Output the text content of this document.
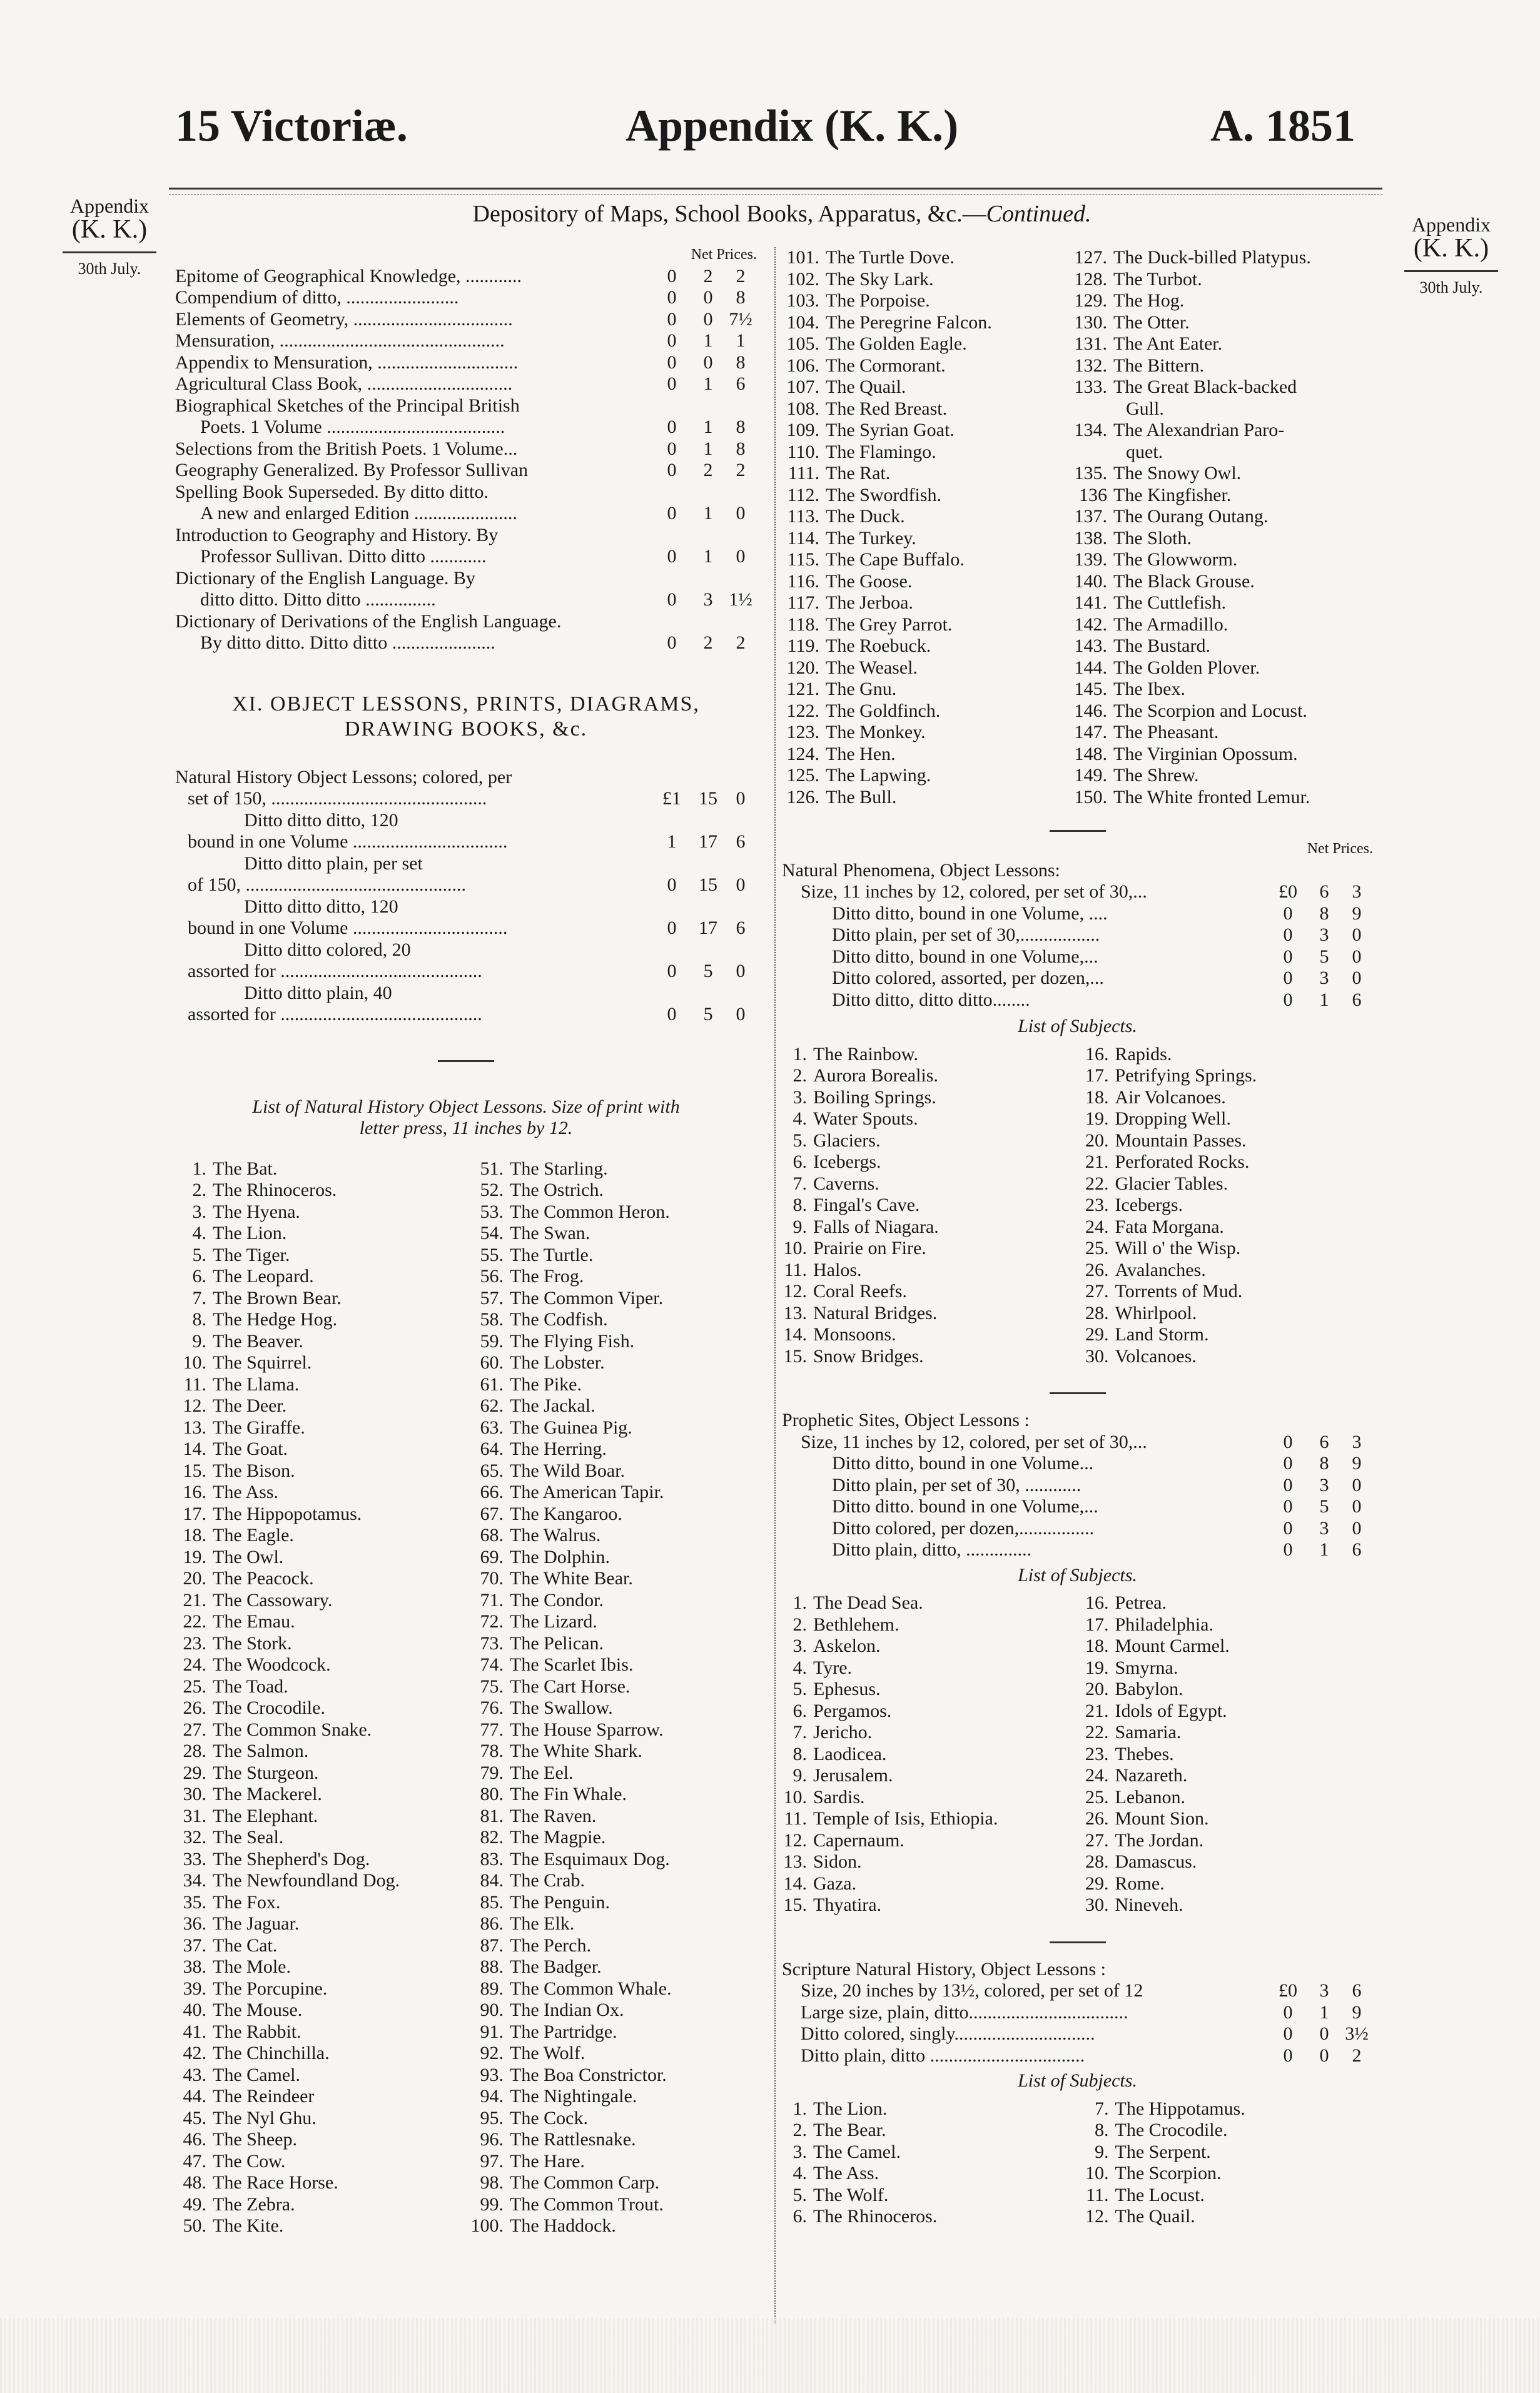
15 Victoriæ.	Appendix (K. K.)	A. 1851
Appendix
(K. K.)
30th July.
Appendix
(K. K.)
30th July.
Depository of Maps, School Books, Apparatus, &c.—Continued.
Net Prices.
Epitome of Geographical Knowledge, ............	0 2 2
Compendium of ditto, ........................	0 0 8
Elements of Geometry, ..................................	0 0 7½
Mensuration, ................................................	0 1 1
Appendix to Mensuration, ..............................	0 0 8
Agricultural Class Book, ...............................	0 1 6
Biographical Sketches of the Principal British
Poets. 1 Volume ......................................	0 1 8
Selections from the British Poets. 1 Volume...	0 1 8
Geography Generalized. By Professor Sullivan	0 2 2
Spelling Book Superseded. By ditto ditto.
A new and enlarged Edition ......................	0 1 0
Introduction to Geography and History. By
Professor Sullivan. Ditto ditto ............	0 1 0
Dictionary of the English Language. By
ditto ditto. Ditto ditto ...............	0 3 1½
Dictionary of Derivations of the English Language.
By ditto ditto. Ditto ditto ......................	0 2 2
XI. OBJECT LESSONS, PRINTS, DIAGRAMS,
DRAWING BOOKS, &c.
Natural History Object Lessons; colored, per
set of 150, ..............................................	£1 15 0
Ditto ditto ditto, 120
bound in one Volume .................................	1 17 6
Ditto ditto plain, per set
of 150, ...............................................	0 15 0
Ditto ditto ditto, 120
bound in one Volume .................................	0 17 6
Ditto ditto colored, 20
assorted for ...........................................	0 5 0
Ditto ditto plain, 40
assorted for ...........................................	0 5 0
List of Natural History Object Lessons. Size of print with
letter press, 11 inches by 12.
1. The Bat.
2. The Rhinoceros.
3. The Hyena.
4. The Lion.
5. The Tiger.
6. The Leopard.
7. The Brown Bear.
8. The Hedge Hog.
9. The Beaver.
10. The Squirrel.
11. The Llama.
12. The Deer.
13. The Giraffe.
14. The Goat.
15. The Bison.
16. The Ass.
17. The Hippopotamus.
18. The Eagle.
19. The Owl.
20. The Peacock.
21. The Cassowary.
22. The Emau.
23. The Stork.
24. The Woodcock.
25. The Toad.
26. The Crocodile.
27. The Common Snake.
28. The Salmon.
29. The Sturgeon.
30. The Mackerel.
31. The Elephant.
32. The Seal.
33. The Shepherd's Dog.
34. The Newfoundland Dog.
35. The Fox.
36. The Jaguar.
37. The Cat.
38. The Mole.
39. The Porcupine.
40. The Mouse.
41. The Rabbit.
42. The Chinchilla.
43. The Camel.
44. The Reindeer
45. The Nyl Ghu.
46. The Sheep.
47. The Cow.
48. The Race Horse.
49. The Zebra.
50. The Kite.
51. The Starling.
52. The Ostrich.
53. The Common Heron.
54. The Swan.
55. The Turtle.
56. The Frog.
57. The Common Viper.
58. The Codfish.
59. The Flying Fish.
60. The Lobster.
61. The Pike.
62. The Jackal.
63. The Guinea Pig.
64. The Herring.
65. The Wild Boar.
66. The American Tapir.
67. The Kangaroo.
68. The Walrus.
69. The Dolphin.
70. The White Bear.
71. The Condor.
72. The Lizard.
73. The Pelican.
74. The Scarlet Ibis.
75. The Cart Horse.
76. The Swallow.
77. The House Sparrow.
78. The White Shark.
79. The Eel.
80. The Fin Whale.
81. The Raven.
82. The Magpie.
83. The Esquimaux Dog.
84. The Crab.
85. The Penguin.
86. The Elk.
87. The Perch.
88. The Badger.
89. The Common Whale.
90. The Indian Ox.
91. The Partridge.
92. The Wolf.
93. The Boa Constrictor.
94. The Nightingale.
95. The Cock.
96. The Rattlesnake.
97. The Hare.
98. The Common Carp.
99. The Common Trout.
100. The Haddock.
101. The Turtle Dove.
102. The Sky Lark.
103. The Porpoise.
104. The Peregrine Falcon.
105. The Golden Eagle.
106. The Cormorant.
107. The Quail.
108. The Red Breast.
109. The Syrian Goat.
110. The Flamingo.
111. The Rat.
112. The Swordfish.
113. The Duck.
114. The Turkey.
115. The Cape Buffalo.
116. The Goose.
117. The Jerboa.
118. The Grey Parrot.
119. The Roebuck.
120. The Weasel.
121. The Gnu.
122. The Goldfinch.
123. The Monkey.
124. The Hen.
125. The Lapwing.
126. The Bull.
127. The Duck-billed Platypus.
128. The Turbot.
129. The Hog.
130. The Otter.
131. The Ant Eater.
132. The Bittern.
133. The Great Black-backed
Gull.
134. The Alexandrian Paro-
quet.
135. The Snowy Owl.
136 The Kingfisher.
137. The Ourang Outang.
138. The Sloth.
139. The Glowworm.
140. The Black Grouse.
141. The Cuttlefish.
142. The Armadillo.
143. The Bustard.
144. The Golden Plover.
145. The Ibex.
146. The Scorpion and Locust.
147. The Pheasant.
148. The Virginian Opossum.
149. The Shrew.
150. The White fronted Lemur.
Net Prices.
Natural Phenomena, Object Lessons:
Size, 11 inches by 12, colored, per set of 30,...	£0 6 3
Ditto ditto, bound in one Volume, ....	0 8 9
Ditto plain, per set of 30,.................	0 3 0
Ditto ditto, bound in one Volume,...	0 5 0
Ditto colored, assorted, per dozen,...	0 3 0
Ditto ditto, ditto ditto........	0 1 6
List of Subjects.
1. The Rainbow.
2. Aurora Borealis.
3. Boiling Springs.
4. Water Spouts.
5. Glaciers.
6. Icebergs.
7. Caverns.
8. Fingal's Cave.
9. Falls of Niagara.
10. Prairie on Fire.
11. Halos.
12. Coral Reefs.
13. Natural Bridges.
14. Monsoons.
15. Snow Bridges.
16. Rapids.
17. Petrifying Springs.
18. Air Volcanoes.
19. Dropping Well.
20. Mountain Passes.
21. Perforated Rocks.
22. Glacier Tables.
23. Icebergs.
24. Fata Morgana.
25. Will o' the Wisp.
26. Avalanches.
27. Torrents of Mud.
28. Whirlpool.
29. Land Storm.
30. Volcanoes.
Prophetic Sites, Object Lessons :
Size, 11 inches by 12, colored, per set of 30,...	0 6 3
Ditto ditto, bound in one Volume...	0 8 9
Ditto plain, per set of 30, ............	0 3 0
Ditto ditto. bound in one Volume,...	0 5 0
Ditto colored, per dozen,................	0 3 0
Ditto plain, ditto, ..............	0 1 6
List of Subjects.
1. The Dead Sea.
2. Bethlehem.
3. Askelon.
4. Tyre.
5. Ephesus.
6. Pergamos.
7. Jericho.
8. Laodicea.
9. Jerusalem.
10. Sardis.
11. Temple of Isis, Ethiopia.
12. Capernaum.
13. Sidon.
14. Gaza.
15. Thyatira.
16. Petrea.
17. Philadelphia.
18. Mount Carmel.
19. Smyrna.
20. Babylon.
21. Idols of Egypt.
22. Samaria.
23. Thebes.
24. Nazareth.
25. Lebanon.
26. Mount Sion.
27. The Jordan.
28. Damascus.
29. Rome.
30. Nineveh.
Scripture Natural History, Object Lessons :
Size, 20 inches by 13½, colored, per set of 12	£0 3 6
Large size, plain, ditto..................................	0 1 9
Ditto colored, singly..............................	0 0 3½
Ditto plain, ditto .................................	0 0 2
List of Subjects.
1. The Lion.
2. The Bear.
3. The Camel.
4. The Ass.
5. The Wolf.
6. The Rhinoceros.
7. The Hippotamus.
8. The Crocodile.
9. The Serpent.
10. The Scorpion.
11. The Locust.
12. The Quail.
